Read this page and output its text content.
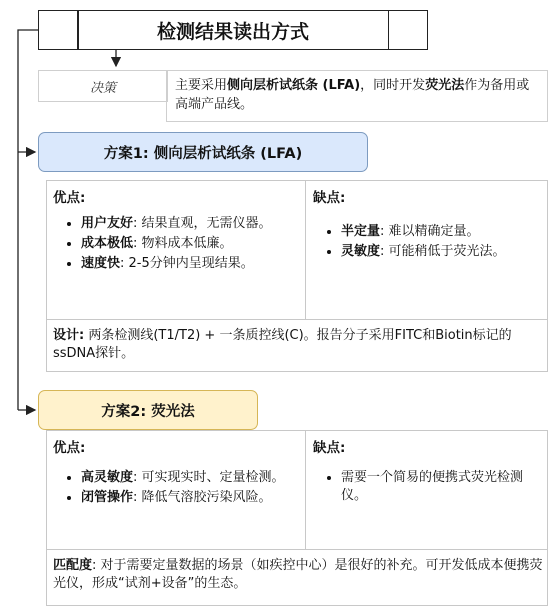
检测结果读出方式
决策	主要采用侧向层析试纸条 (LFA)，同时开发荧光法作为备用或高端产品线。
方案1: 侧向层析试纸条 (LFA)
优点:
• 用户友好: 结果直观，无需仪器。
• 成本极低: 物料成本低廉。
• 速度快: 2-5分钟内呈现结果。
缺点:
• 半定量: 难以精确定量。
• 灵敏度: 可能稍低于荧光法。
设计: 两条检测线(T1/T2) + 一条质控线(C)。报告分子采用FITC和Biotin标记的ssDNA探针。
方案2: 荧光法
优点:
• 高灵敏度: 可实现实时、定量检测。
• 闭管操作: 降低气溶胶污染风险。
缺点:
• 需要一个简易的便携式荧光检测仪。
匹配度: 对于需要定量数据的场景（如疾控中心）是很好的补充。可开发低成本便携荧光仪，形成“试剂+设备”的生态。
